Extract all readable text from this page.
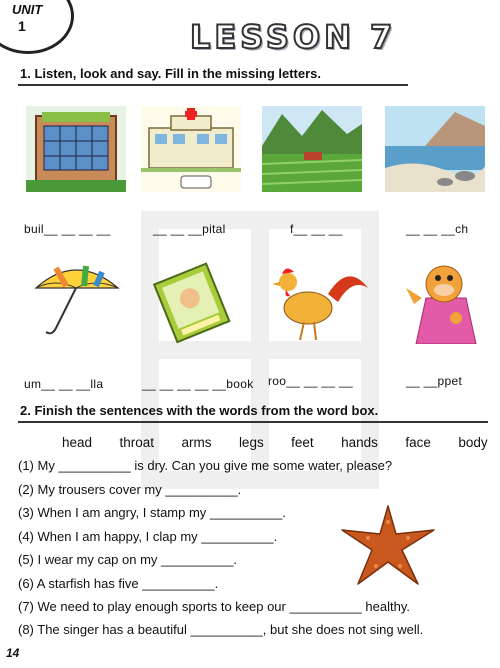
UNIT
1	LESSON 7
1. Listen, look and say. Fill in the missing letters.
buil__ __ __ __	__ __ __pital	f__ __ __	__ __ __ch
um__ __ __lla	__ __ __ __ __book roo__ __ __ __	__ __ppet
2. Finish the sentences with the words from the word box.
head throat arms legs feet hands face body
(1) My __________ is dry. Can you give me some water, please?
(2) My trousers cover my __________.
(3) When I am angry, I stamp my __________.
(4) When I am happy, I clap my __________.
(5) I wear my cap on my __________.
(6) A starfish has five __________.
(7) We need to play enough sports to keep our __________ healthy.
(8) The singer has a beautiful __________, but she does not sing well.
14
